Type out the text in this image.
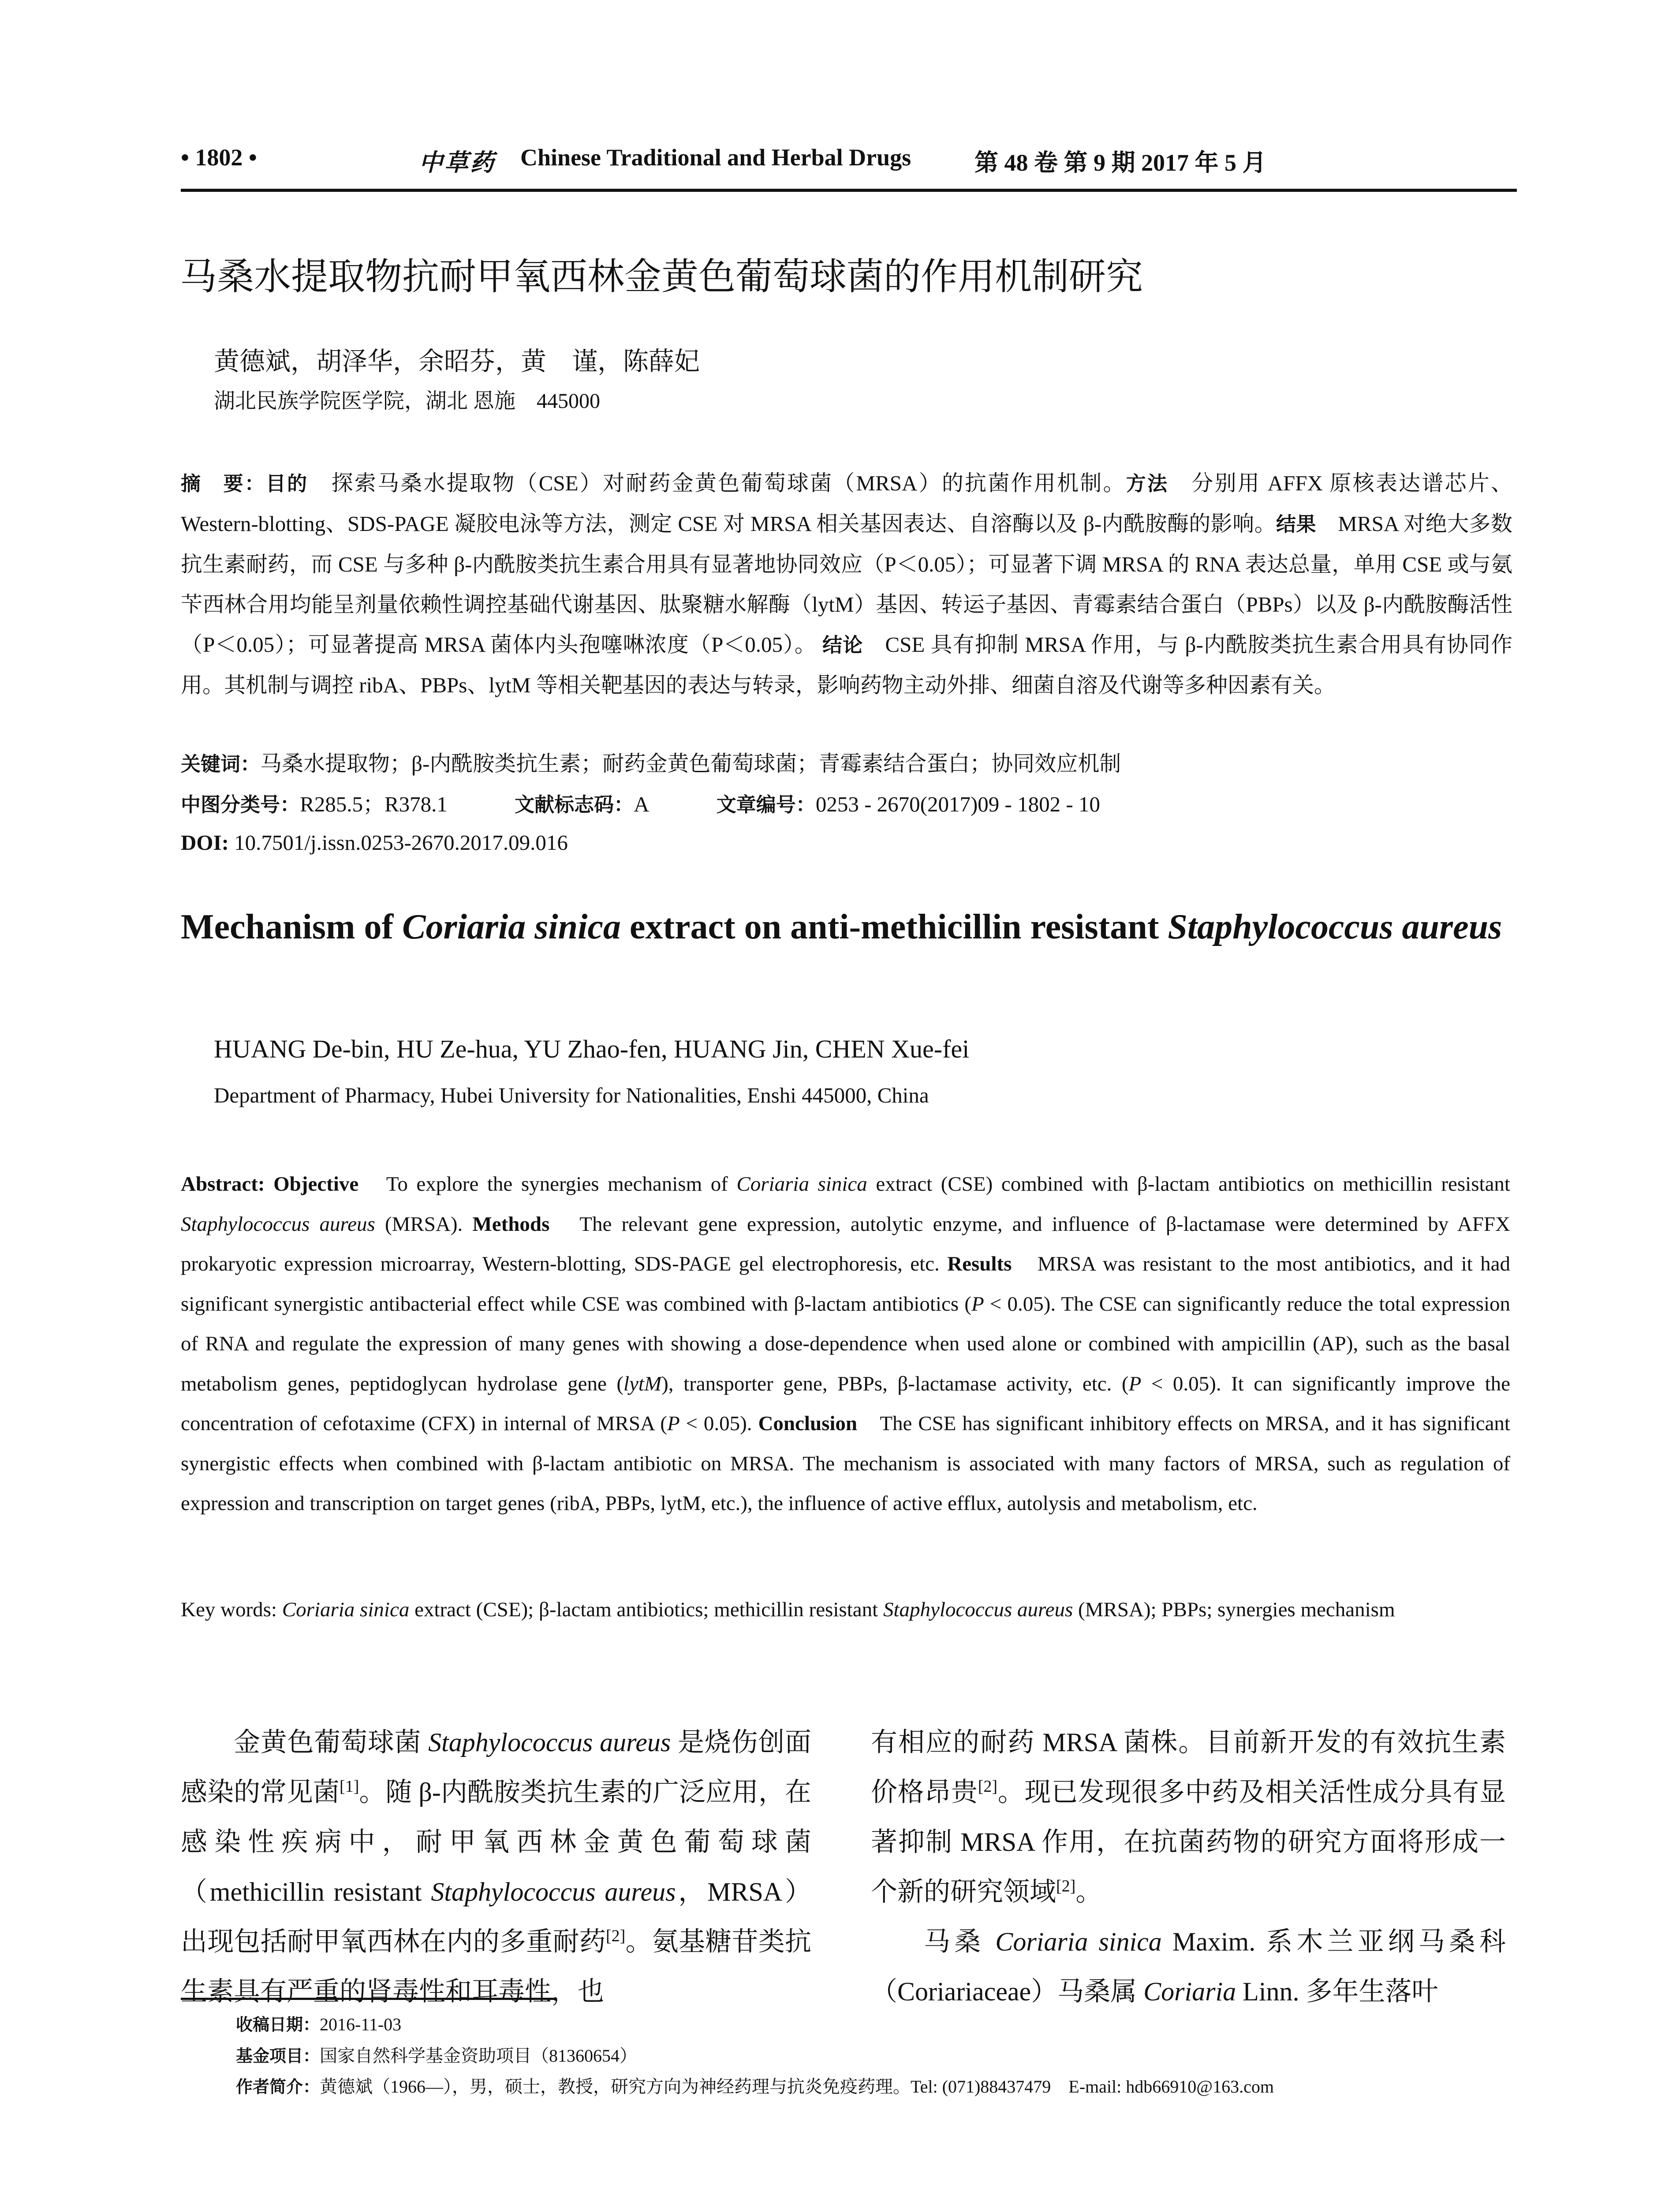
• 1802 •	中草药 Chinese Traditional and Herbal Drugs	第 48 卷 第 9 期 2017 年 5 月
马桑水提取物抗耐甲氧西林金黄色葡萄球菌的作用机制研究
黄德斌，胡泽华，余昭芬，黄　谨，陈薛妃
湖北民族学院医学院，湖北 恩施　445000

摘　要：目的　探索马桑水提取物（CSE）对耐药金黄色葡萄球菌（MRSA）的抗菌作用机制。方法　分别用 AFFX 原核表达谱芯片、Western-blotting、SDS-PAGE 凝胶电泳等方法，测定 CSE 对 MRSA 相关基因表达、自溶酶以及 β-内酰胺酶的影响。结果　MRSA 对绝大多数抗生素耐药，而 CSE 与多种 β-内酰胺类抗生素合用具有显著地协同效应（P＜0.05）；可显著下调 MRSA 的 RNA 表达总量，单用 CSE 或与氨苄西林合用均能呈剂量依赖性调控基础代谢基因、肽聚糖水解酶（lytM）基因、转运子基因、青霉素结合蛋白（PBPs）以及 β-内酰胺酶活性（P＜0.05）；可显著提高 MRSA 菌体内头孢噻啉浓度（P＜0.05）。 结论　CSE 具有抑制 MRSA 作用，与 β-内酰胺类抗生素合用具有协同作用。其机制与调控 ribA、PBPs、lytM 等相关靶基因的表达与转录，影响药物主动外排、细菌自溶及代谢等多种因素有关。

关键词：马桑水提取物；β-内酰胺类抗生素；耐药金黄色葡萄球菌；青霉素结合蛋白；协同效应机制
中图分类号：R285.5；R378.1	文献标志码：A	文章编号：0253 - 2670(2017)09 - 1802 - 10
DOI: 10.7501/j.issn.0253-2670.2017.09.016
Mechanism of Coriaria sinica extract on anti-methicillin resistant Staphylococcus aureus
HUANG De-bin, HU Ze-hua, YU Zhao-fen, HUANG Jin, CHEN Xue-fei
Department of Pharmacy, Hubei University for Nationalities, Enshi 445000, China
Abstract: Objective　To explore the synergies mechanism of Coriaria sinica extract (CSE) combined with β-lactam antibiotics on methicillin resistant Staphylococcus aureus (MRSA). Methods　The relevant gene expression, autolytic enzyme, and influence of β-lactamase were determined by AFFX prokaryotic expression microarray, Western-blotting, SDS-PAGE gel electrophoresis, etc. Results　MRSA was resistant to the most antibiotics, and it had significant synergistic antibacterial effect while CSE was combined with β-lactam antibiotics (P < 0.05). The CSE can significantly reduce the total expression of RNA and regulate the expression of many genes with showing a dose-dependence when used alone or combined with ampicillin (AP), such as the basal metabolism genes, peptidoglycan hydrolase gene (lytM), transporter gene, PBPs, β-lactamase activity, etc. (P < 0.05). It can significantly improve the concentration of cefotaxime (CFX) in internal of MRSA (P < 0.05). Conclusion　The CSE has significant inhibitory effects on MRSA, and it has significant synergistic effects when combined with β-lactam antibiotic on MRSA. The mechanism is associated with many factors of MRSA, such as regulation of expression and transcription on target genes (ribA, PBPs, lytM, etc.), the influence of active efflux, autolysis and metabolism, etc.
Key words: Coriaria sinica extract (CSE); β-lactam antibiotics; methicillin resistant Staphylococcus aureus (MRSA); PBPs; synergies mechanism

金黄色葡萄球菌 Staphylococcus aureus 是烧伤创面感染的常见菌[1]。随 β-内酰胺类抗生素的广泛应用，在感染性疾病中，耐甲氧西林金黄色葡萄球菌（methicillin resistant Staphylococcus aureus，MRSA）出现包括耐甲氧西林在内的多重耐药[2]。氨基糖苷类抗生素具有严重的肾毒性和耳毒性，也

有相应的耐药 MRSA 菌株。目前新开发的有效抗生素价格昂贵[2]。现已发现很多中药及相关活性成分具有显著抑制 MRSA 作用，在抗菌药物的研究方面将形成一个新的研究领域[2]。

马桑 Coriaria sinica Maxim. 系木兰亚纲马桑科（Coriariaceae）马桑属 Coriaria Linn. 多年生落叶

收稿日期：2016-11-03
基金项目：国家自然科学基金资助项目（81360654）
作者简介：黄德斌（1966—），男，硕士，教授，研究方向为神经药理与抗炎免疫药理。Tel: (071)88437479　E-mail: hdb66910@163.com
